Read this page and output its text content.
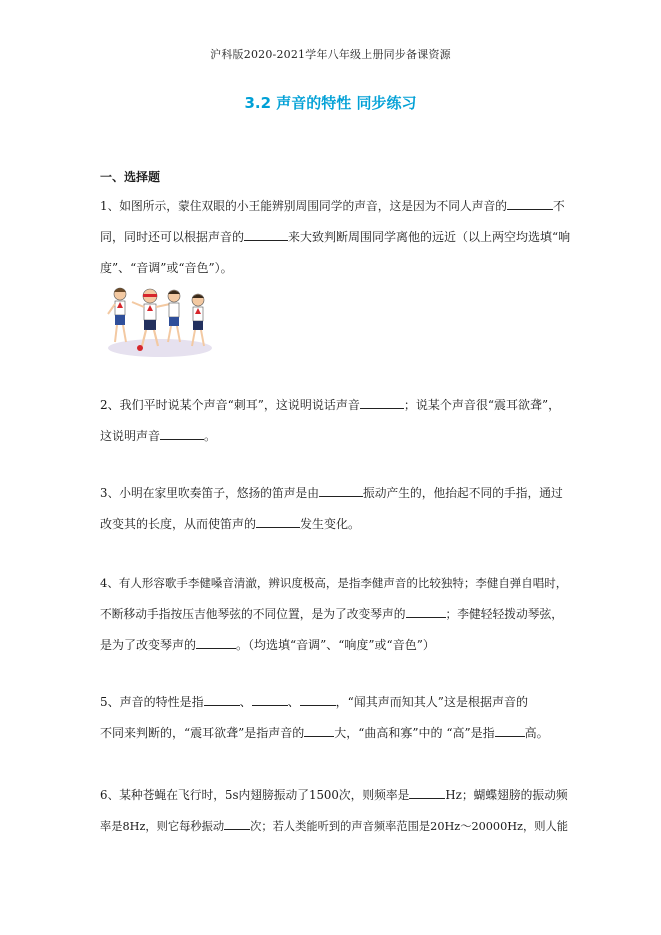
沪科版2020-2021学年八年级上册同步备课资源
3.2 声音的特性 同步练习
一、选择题
1、如图所示，蒙住双眼的小王能辨别周围同学的声音，这是因为不同人声音的	不
同，同时还可以根据声音的	来大致判断周围同学离他的远近（以上两空均选填“响
度”、“音调”或“音色”）。
2、我们平时说某个声音“刺耳”，这说明说话声音	；说某个声音很“震耳欲聋”，
这说明声音	。
3、小明在家里吹奏笛子，悠扬的笛声是由	振动产生的，他抬起不同的手指，通过
改变其的长度，从而使笛声的	发生变化。
4、有人形容歌手李健嗓音清澈，辨识度极高，是指李健声音的比较独特；李健自弹自唱时，
不断移动手指按压吉他琴弦的不同位置，是为了改变琴声的	；李健轻轻拨动琴弦，
是为了改变琴声的	。（均选填“音调”、“响度”或“音色”）
5、声音的特性是指	、	、	，“闻其声而知其人”这是根据声音的
不同来判断的，“震耳欲聋”是指声音的	大，“曲高和寡”中的 “高”是指	高。
6、某种苍蝇在飞行时，5s内翅膀振动了1500次，则频率是	Hz；蝴蝶翅膀的振动频
率是8Hz，则它每秒振动 次；若人类能听到的声音频率范围是20Hz～20000Hz，则人能
